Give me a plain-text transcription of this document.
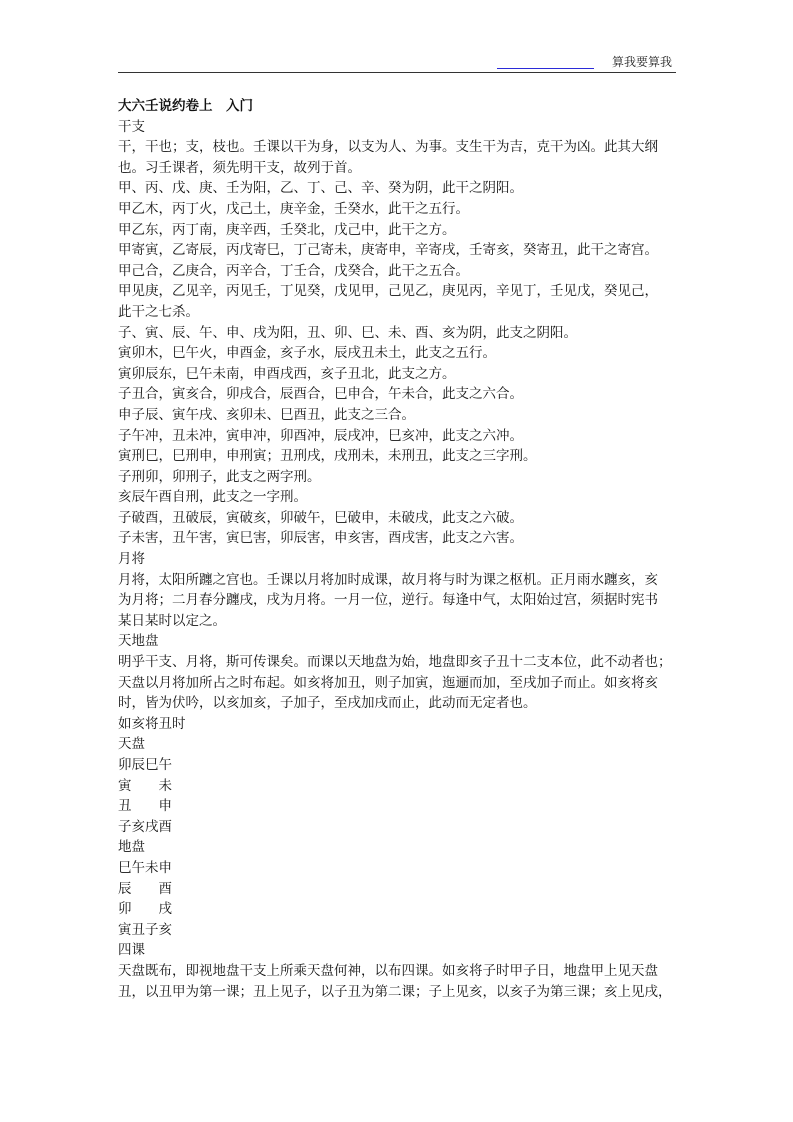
算我要算我

大六壬说约卷上　入门

干支

干，干也；支，枝也。壬课以干为身，以支为人、为事。支生干为吉，克干为凶。此其大纲

也。习壬课者，须先明干支，故列于首。

甲、丙、戊、庚、壬为阳，乙、丁、己、辛、癸为阴，此干之阴阳。

甲乙木，丙丁火，戊己土，庚辛金，壬癸水，此干之五行。

甲乙东，丙丁南，庚辛西，壬癸北，戊己中，此干之方。

甲寄寅，乙寄辰，丙戊寄巳，丁己寄未，庚寄申，辛寄戌，壬寄亥，癸寄丑，此干之寄宫。

甲己合，乙庚合，丙辛合，丁壬合，戊癸合，此干之五合。

甲见庚，乙见辛，丙见壬，丁见癸，戊见甲，己见乙，庚见丙，辛见丁，壬见戊，癸见己，

此干之七杀。

子、寅、辰、午、申、戌为阳，丑、卯、巳、未、酉、亥为阴，此支之阴阳。

寅卯木，巳午火，申酉金，亥子水，辰戌丑未土，此支之五行。

寅卯辰东，巳午未南，申酉戌西，亥子丑北，此支之方。

子丑合，寅亥合，卯戌合，辰酉合，巳申合，午未合，此支之六合。

申子辰、寅午戌、亥卯未、巳酉丑，此支之三合。

子午冲，丑未冲，寅申冲，卯酉冲，辰戌冲，巳亥冲，此支之六冲。

寅刑巳，巳刑申，申刑寅；丑刑戌，戌刑未，未刑丑，此支之三字刑。

子刑卯，卯刑子，此支之两字刑。

亥辰午酉自刑，此支之一字刑。

子破酉，丑破辰，寅破亥，卯破午，巳破申，未破戌，此支之六破。

子未害，丑午害，寅巳害，卯辰害，申亥害，酉戌害，此支之六害。

月将

月将，太阳所躔之宫也。壬课以月将加时成课，故月将与时为课之枢机。正月雨水躔亥，亥

为月将；二月春分躔戌，戌为月将。一月一位，逆行。每逢中气，太阳始过宫，须据时宪书

某日某时以定之。

天地盘

明乎干支、月将，斯可传课矣。而课以天地盘为始，地盘即亥子丑十二支本位，此不动者也；

天盘以月将加所占之时布起。如亥将加丑，则子加寅，迤逦而加，至戌加子而止。如亥将亥

时，皆为伏吟，以亥加亥，子加子，至戌加戌而止，此动而无定者也。

如亥将丑时

天盘

卯辰巳午

寅　　未

丑　　申

子亥戌酉

地盘

巳午未申

辰　　酉

卯　　戌

寅丑子亥

四课

天盘既布，即视地盘干支上所乘天盘何神，以布四课。如亥将子时甲子日，地盘甲上见天盘

丑，以丑甲为第一课；丑上见子，以子丑为第二课；子上见亥，以亥子为第三课；亥上见戌，
